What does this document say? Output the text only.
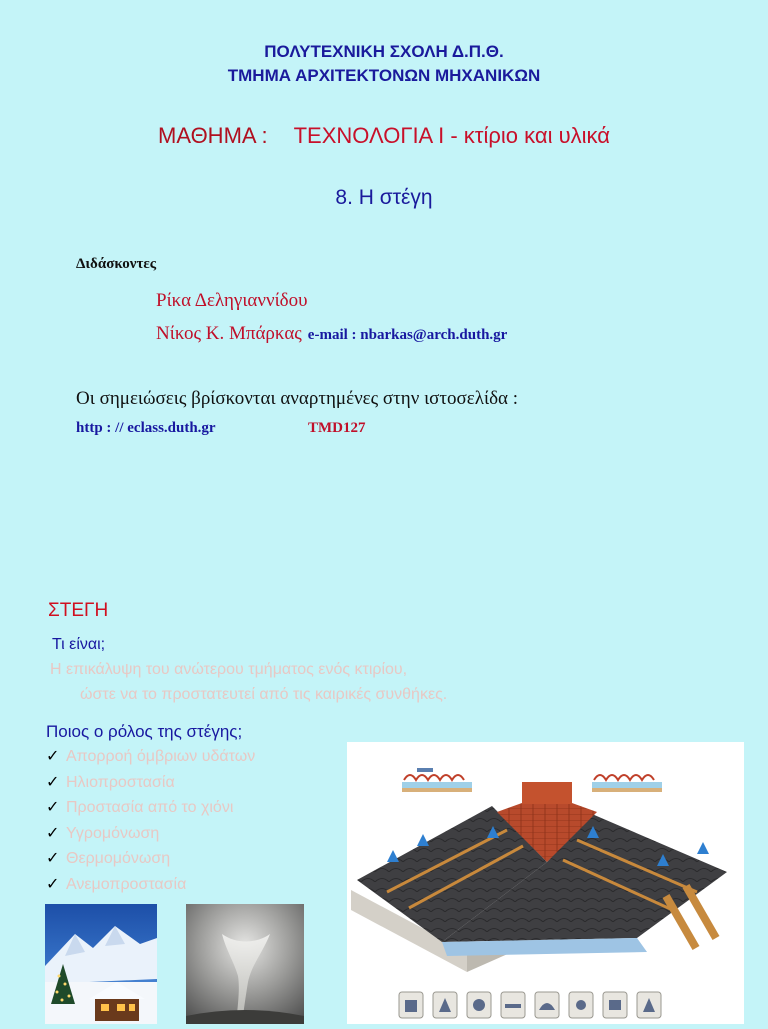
ΠΟΛΥΤΕΧΝΙΚΗ ΣΧΟΛΗ Δ.Π.Θ.
ΤΜΗΜΑ ΑΡΧΙΤΕΚΤΟΝΩΝ ΜΗΧΑΝΙΚΩΝ
ΜΑΘΗΜΑ : ΤΕΧΝΟΛΟΓΙΑ Ι - κτίριο και υλικά
8. Η στέγη
Διδάσκοντες
Ρίκα Δεληγιαννίδου
Νίκος Κ. Μπάρκας e-mail : nbarkas@arch.duth.gr
Οι σημειώσεις βρίσκονται αναρτημένες στην ιστοσελίδα :
http : // eclass.duth.gr	TMD127
ΣΤΕΓΗ
Τι είναι;
Η επικάλυψη του ανώτερου τμήματος ενός κτιρίου,
ώστε να το προστατευτεί από τις καιρικές συνθήκες.
Ποιος ο ρόλος της στέγης;
✓ Απορροή όμβριων υδάτων
✓ Ηλιοπροστασία
✓ Προστασία από το χιόνι
✓ Υγρομόνωση
✓ Θερμομόνωση
✓ Ανεμοπροστασία
